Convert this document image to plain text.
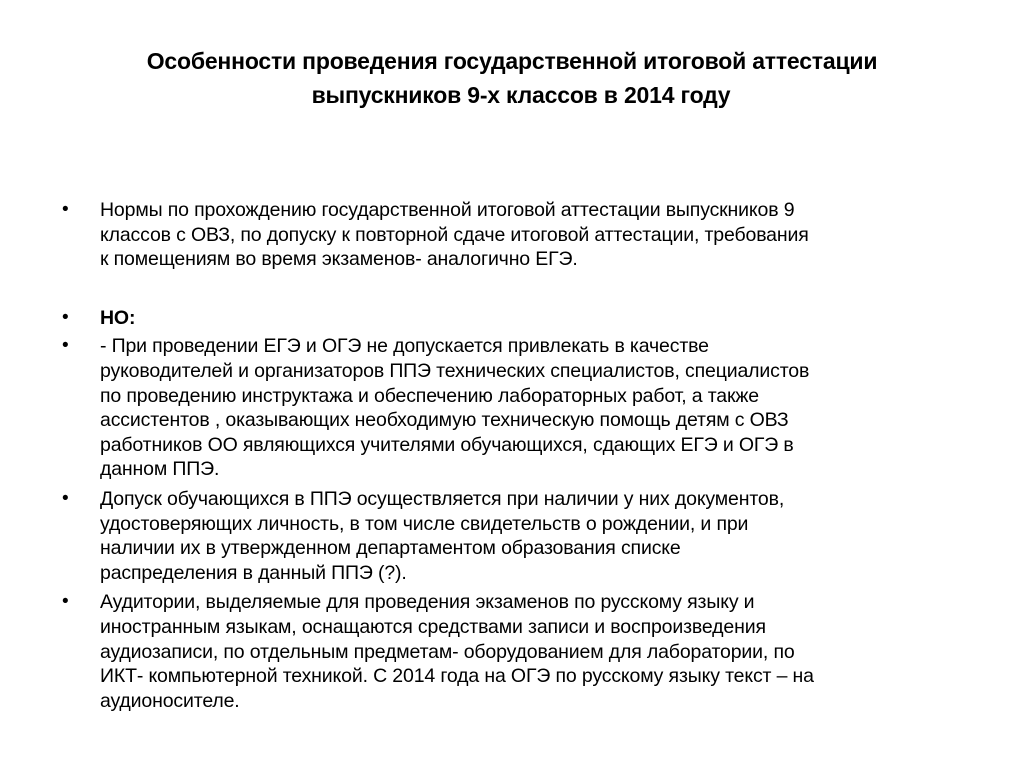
Особенности проведения государственной итоговой аттестации
выпускников 9-х классов в 2014 году
•	Нормы по прохождению государственной итоговой аттестации выпускников 9
классов с ОВЗ, по допуску к повторной сдаче итоговой аттестации, требования
к помещениям во время экзаменов- аналогично ЕГЭ.
•	НО:
•	- При проведении ЕГЭ и ОГЭ не допускается привлекать в качестве
руководителей и организаторов ППЭ технических специалистов, специалистов
по проведению инструктажа и обеспечению лабораторных работ, а также
ассистентов , оказывающих необходимую техническую помощь детям с ОВЗ
работников ОО являющихся учителями обучающихся, сдающих ЕГЭ и ОГЭ в
данном ППЭ.
•	Допуск обучающихся в ППЭ осуществляется при наличии у них документов,
удостоверяющих личность, в том числе свидетельств о рождении, и при
наличии их в утвержденном департаментом образования списке
распределения в данный ППЭ (?).
•	Аудитории, выделяемые для проведения экзаменов по русскому языку и
иностранным языкам, оснащаются средствами записи и воспроизведения
аудиозаписи, по отдельным предметам- оборудованием для лаборатории, по
ИКТ- компьютерной техникой. С 2014 года на ОГЭ по русскому языку текст – на
аудионосителе.
